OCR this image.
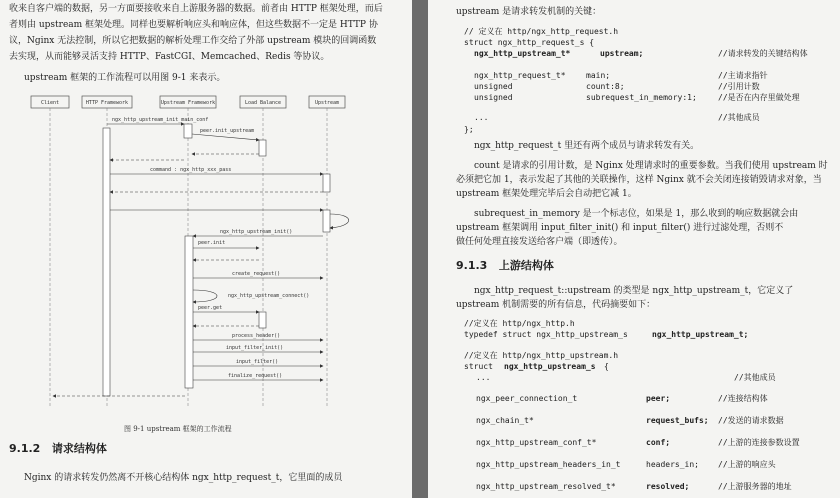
收来自客户端的数据，另一方面要接收来自上游服务器的数据。前者由 HTTP 框架处理，而后
者则由 upstream 框架处理。同样也要解析响应头和响应体，但这些数据不一定是 HTTP 协
议，Nginx 无法控制，所以它把数据的解析处理工作交给了外部 upstream 模块的回调函数
去实现，从而能够灵活支持 HTTP、FastCGI、Memcached、Redis 等协议。
upstream 框架的工作流程可以用图 9-1 来表示。
Client	HTTP Framework	Upstream Framework	Load Balance	Upstream
ngx_http_upstream_init_main_conf
peer.init_upstream
command : ngx_http_xxx_pass
ngx_http_upstream_init()
peer.init
create_request()
ngx_http_upstream_connect()
peer.get
process_header()
input_filter_init()
input_filter()
finalize_request()
图 9-1 upstream 框架的工作流程
9.1.2 请求结构体
Nginx 的请求转发仍然离不开核心结构体 ngx_http_request_t，它里面的成员
upstream 是请求转发机制的关键：
// 定义在 http/ngx_http_request.h
struct ngx_http_request_s {
ngx_http_upstream_t*	upstream;	//请求转发的关键结构体
ngx_http_request_t*	main;	//主请求指针
unsigned	count:8;	//引用计数
unsigned	subrequest_in_memory:1;	//是否在内存里做处理
...	//其他成员
};
ngx_http_request_t 里还有两个成员与请求转发有关。
count 是请求的引用计数，是 Nginx 处理请求时的重要参数。当我们使用 upstream 时
必须把它加 1，表示发起了其他的关联操作，这样 Nginx 就不会关闭连接销毁请求对象，当
upstream 框架处理完毕后会自动把它减 1。
subrequest_in_memory 是一个标志位，如果是 1，那么收到的响应数据就会由
upstream 框架调用 input_filter_init() 和 input_filter() 进行过滤处理，否则不
做任何处理直接发送给客户端（即透传）。
9.1.3 上游结构体
ngx_http_request_t::upstream 的类型是 ngx_http_upstream_t，它定义了
upstream 机制需要的所有信息，代码摘要如下：
//定义在 http/ngx_http.h
typedef struct ngx_http_upstream_s	ngx_http_upstream_t;
//定义在 http/ngx_http_upstream.h
struct ngx_http_upstream_s {
...	//其他成员
ngx_peer_connection_t	peer;	//连接结构体
ngx_chain_t*	request_bufs; //发送的请求数据
ngx_http_upstream_conf_t*	conf;	//上游的连接参数设置
ngx_http_upstream_headers_in_t	headers_in; //上游的响应头
ngx_http_upstream_resolved_t*	resolved;	//上游服务器的地址
